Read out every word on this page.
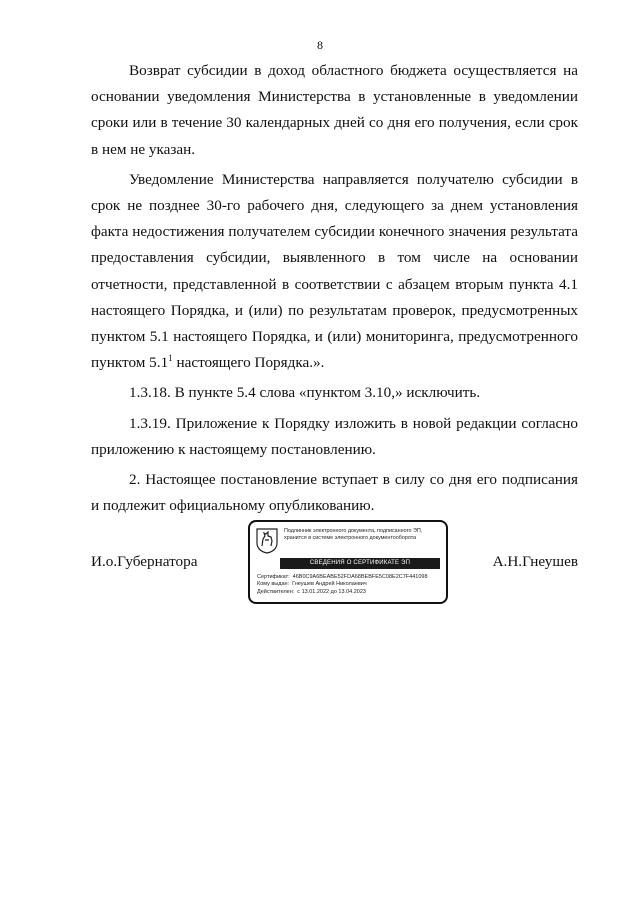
8

Возврат субсидии в доход областного бюджета осуществляется на основании уведомления Министерства в установленные в уведомлении сроки или в течение 30 календарных дней со дня его получения, если срок в нем не указан.

Уведомление Министерства направляется получателю субсидии в срок не позднее 30-го рабочего дня, следующего за днем установления факта недостижения получателем субсидии конечного значения результата предоставления субсидии, выявленного в том числе на основании отчетности, представленной в соответствии с абзацем вторым пункта 4.1 настоящего Порядка, и (или) по результатам проверок, предусмотренных пунктом 5.1 настоящего Порядка, и (или) мониторинга, предусмотренного пунктом $5.1^1$ настоящего Порядка.».

1.3.18. В пункте 5.4 слова «пунктом 3.10,» исключить.

1.3.19. Приложение к Порядку изложить в новой редакции согласно приложению к настоящему постановлению.

2. Настоящее постановление вступает в силу со дня его подписания и подлежит официальному опубликованию.

И.о.Губернатора
Подлинник электронного документа, подписанного ЭП, хранится в системе электронного документооборота
СВЕДЕНИЯ О СЕРТИФИКАТЕ ЭП
Сертификат: 46B0C9A6BEABE52FDA68BEBFE5C08E2C7F441098
Кому выдан: Гнеушев Андрей Николаевич
Действителен: с 13.01.2022 до 13.04.2023
А.Н.Гнеушев
